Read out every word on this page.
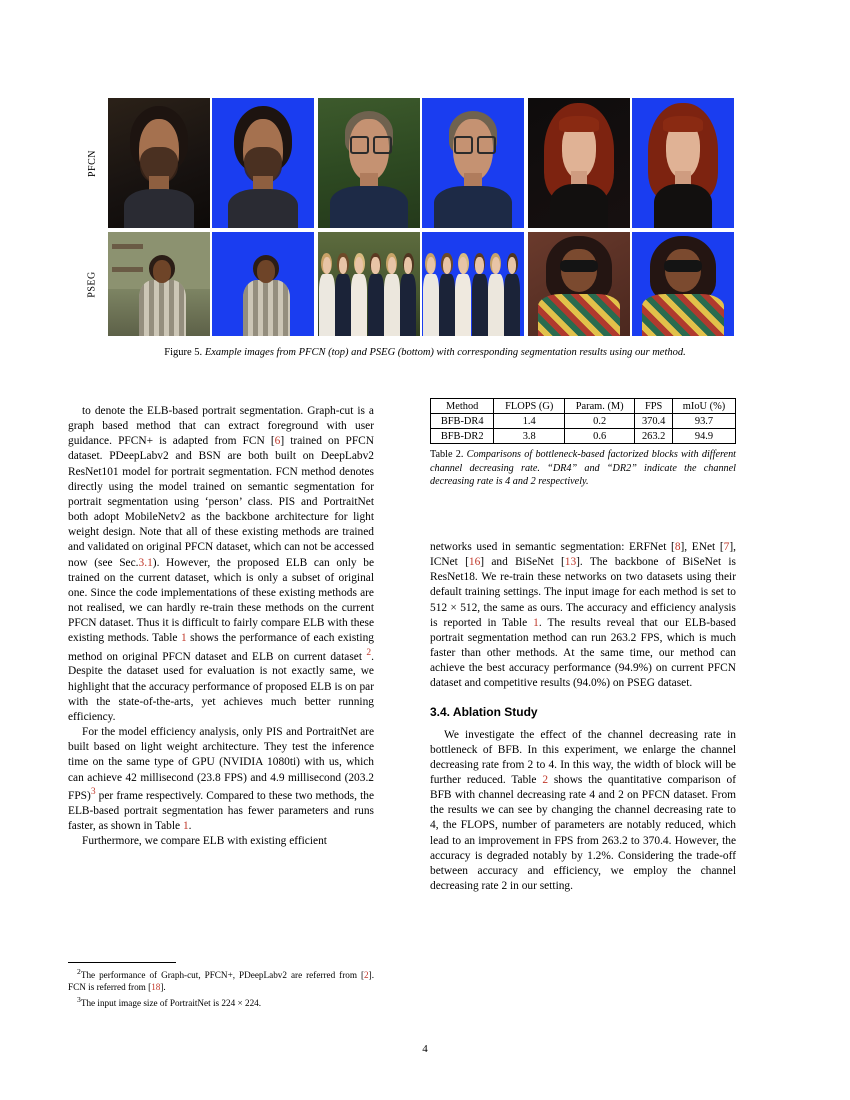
PFCN
PSEG
Figure 5. Example images from PFCN (top) and PSEG (bottom) with corresponding segmentation results using our method.
Method	FLOPS (G)	Param. (M)	FPS	mIoU (%)
BFB-DR4	1.4	0.2	370.4	93.7
BFB-DR2	3.8	0.6	263.2	94.9
Table 2. Comparisons of bottleneck-based factorized blocks with different channel decreasing rate. “DR4” and “DR2” indicate the channel decreasing rate is 4 and 2 respectively.

to denote the ELB-based portrait segmentation. Graph-cut is a graph based method that can extract foreground with user guidance. PFCN+ is adapted from FCN [6] trained on PFCN dataset. PDeepLabv2 and BSN are both built on DeepLabv2 ResNet101 model for portrait segmentation. FCN method denotes directly using the model trained on semantic segmentation for portrait segmentation using ‘person’ class. PIS and PortraitNet both adopt MobileNetv2 as the backbone architecture for light weight design. Note that all of these existing methods are trained and validated on original PFCN dataset, which can not be accessed now (see Sec.3.1). However, the proposed ELB can only be trained on the current dataset, which is only a subset of original one. Since the code implementations of these existing methods are not realised, we can hardly re-train these methods on the current PFCN dataset. Thus it is difficult to fairly compare ELB with these existing methods. Table 1 shows the performance of each existing method on original PFCN dataset and ELB on current dataset $^2$. Despite the dataset used for evaluation is not exactly same, we highlight that the accuracy performance of proposed ELB is on par with the state-of-the-arts, yet achieves much better running efficiency.

For the model efficiency analysis, only PIS and PortraitNet are built based on light weight architecture. They test the inference time on the same type of GPU (NVIDIA 1080ti) with us, which can achieve 42 millisecond (23.8 FPS) and 4.9 millisecond (203.2 FPS)$^3$ per frame respectively. Compared to these two methods, the ELB-based portrait segmentation has fewer parameters and runs faster, as shown in Table 1.

Furthermore, we compare ELB with existing efficient

networks used in semantic segmentation: ERFNet [8], ENet [7], ICNet [16] and BiSeNet [13]. The backbone of BiSeNet is ResNet18. We re-train these networks on two datasets using their default training settings. The input image for each method is set to 512 × 512, the same as ours. The accuracy and efficiency analysis is reported in Table 1. The results reveal that our ELB-based portrait segmentation method can run 263.2 FPS, which is much faster than other methods. At the same time, our method can achieve the best accuracy performance (94.9%) on current PFCN dataset and competitive results (94.0%) on PSEG dataset.

3.4. Ablation Study

We investigate the effect of the channel decreasing rate in bottleneck of BFB. In this experiment, we enlarge the channel decreasing rate from 2 to 4. In this way, the width of block will be further reduced. Table 2 shows the quantitative comparison of BFB with channel decreasing rate 4 and 2 on PFCN dataset. From the results we can see by changing the channel decreasing rate to 4, the FLOPS, number of parameters are notably reduced, which lead to an improvement in FPS from 263.2 to 370.4. However, the accuracy is degraded notably by 1.2%. Considering the trade-off between accuracy and efficiency, we employ the channel decreasing rate 2 in our setting.

$^2$The performance of Graph-cut, PFCN+, PDeepLabv2 are referred from [2]. FCN is referred from [18].

$^3$The input image size of PortraitNet is 224 × 224.

4
